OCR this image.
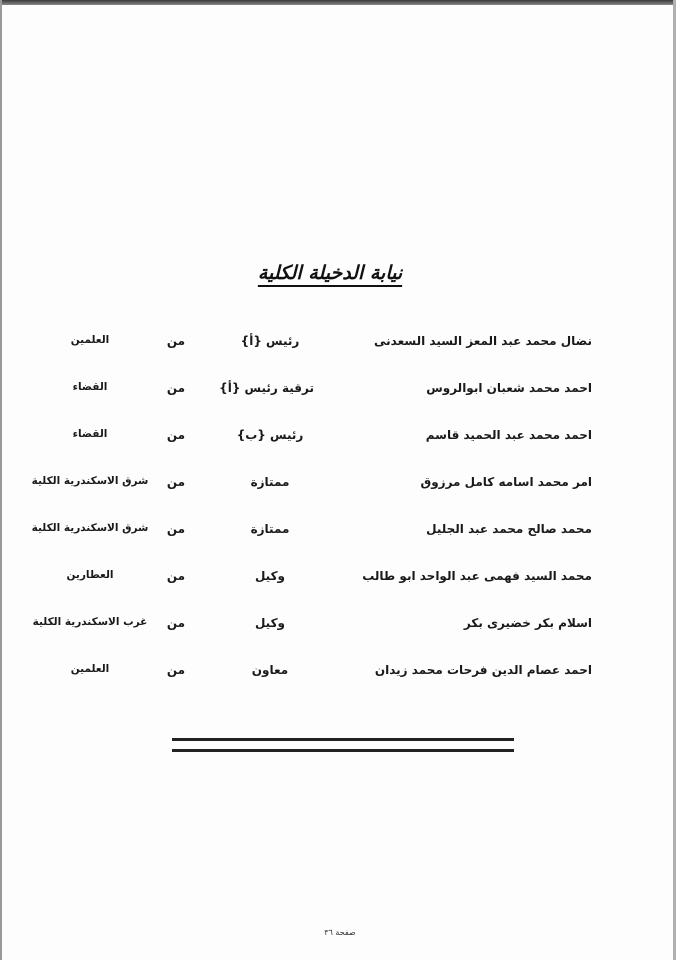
نيابة الدخيلة الكلية
نضال محمد عبد المعز السيد السعدنى
رئيس {أ}
من
العلمين
احمد محمد شعبان ابوالروس
ترقية رئيس {أ}
من
القضاء
احمد محمد عبد الحميد قاسم
رئيس {ب}
من
القضاء
امر محمد اسامه كامل مرزوق
ممتازة
من
شرق الاسكندرية الكلية
محمد صالح محمد عبد الجليل
ممتازة
من
شرق الاسكندرية الكلية
محمد السيد فهمى عبد الواحد ابو طالب
وكيل
من
العطارين
اسلام بكر خضيرى بكر
وكيل
من
غرب الاسكندرية الكلية
احمد عصام الدين فرحات محمد زيدان
معاون
من
العلمين
صفحة ٣٦
